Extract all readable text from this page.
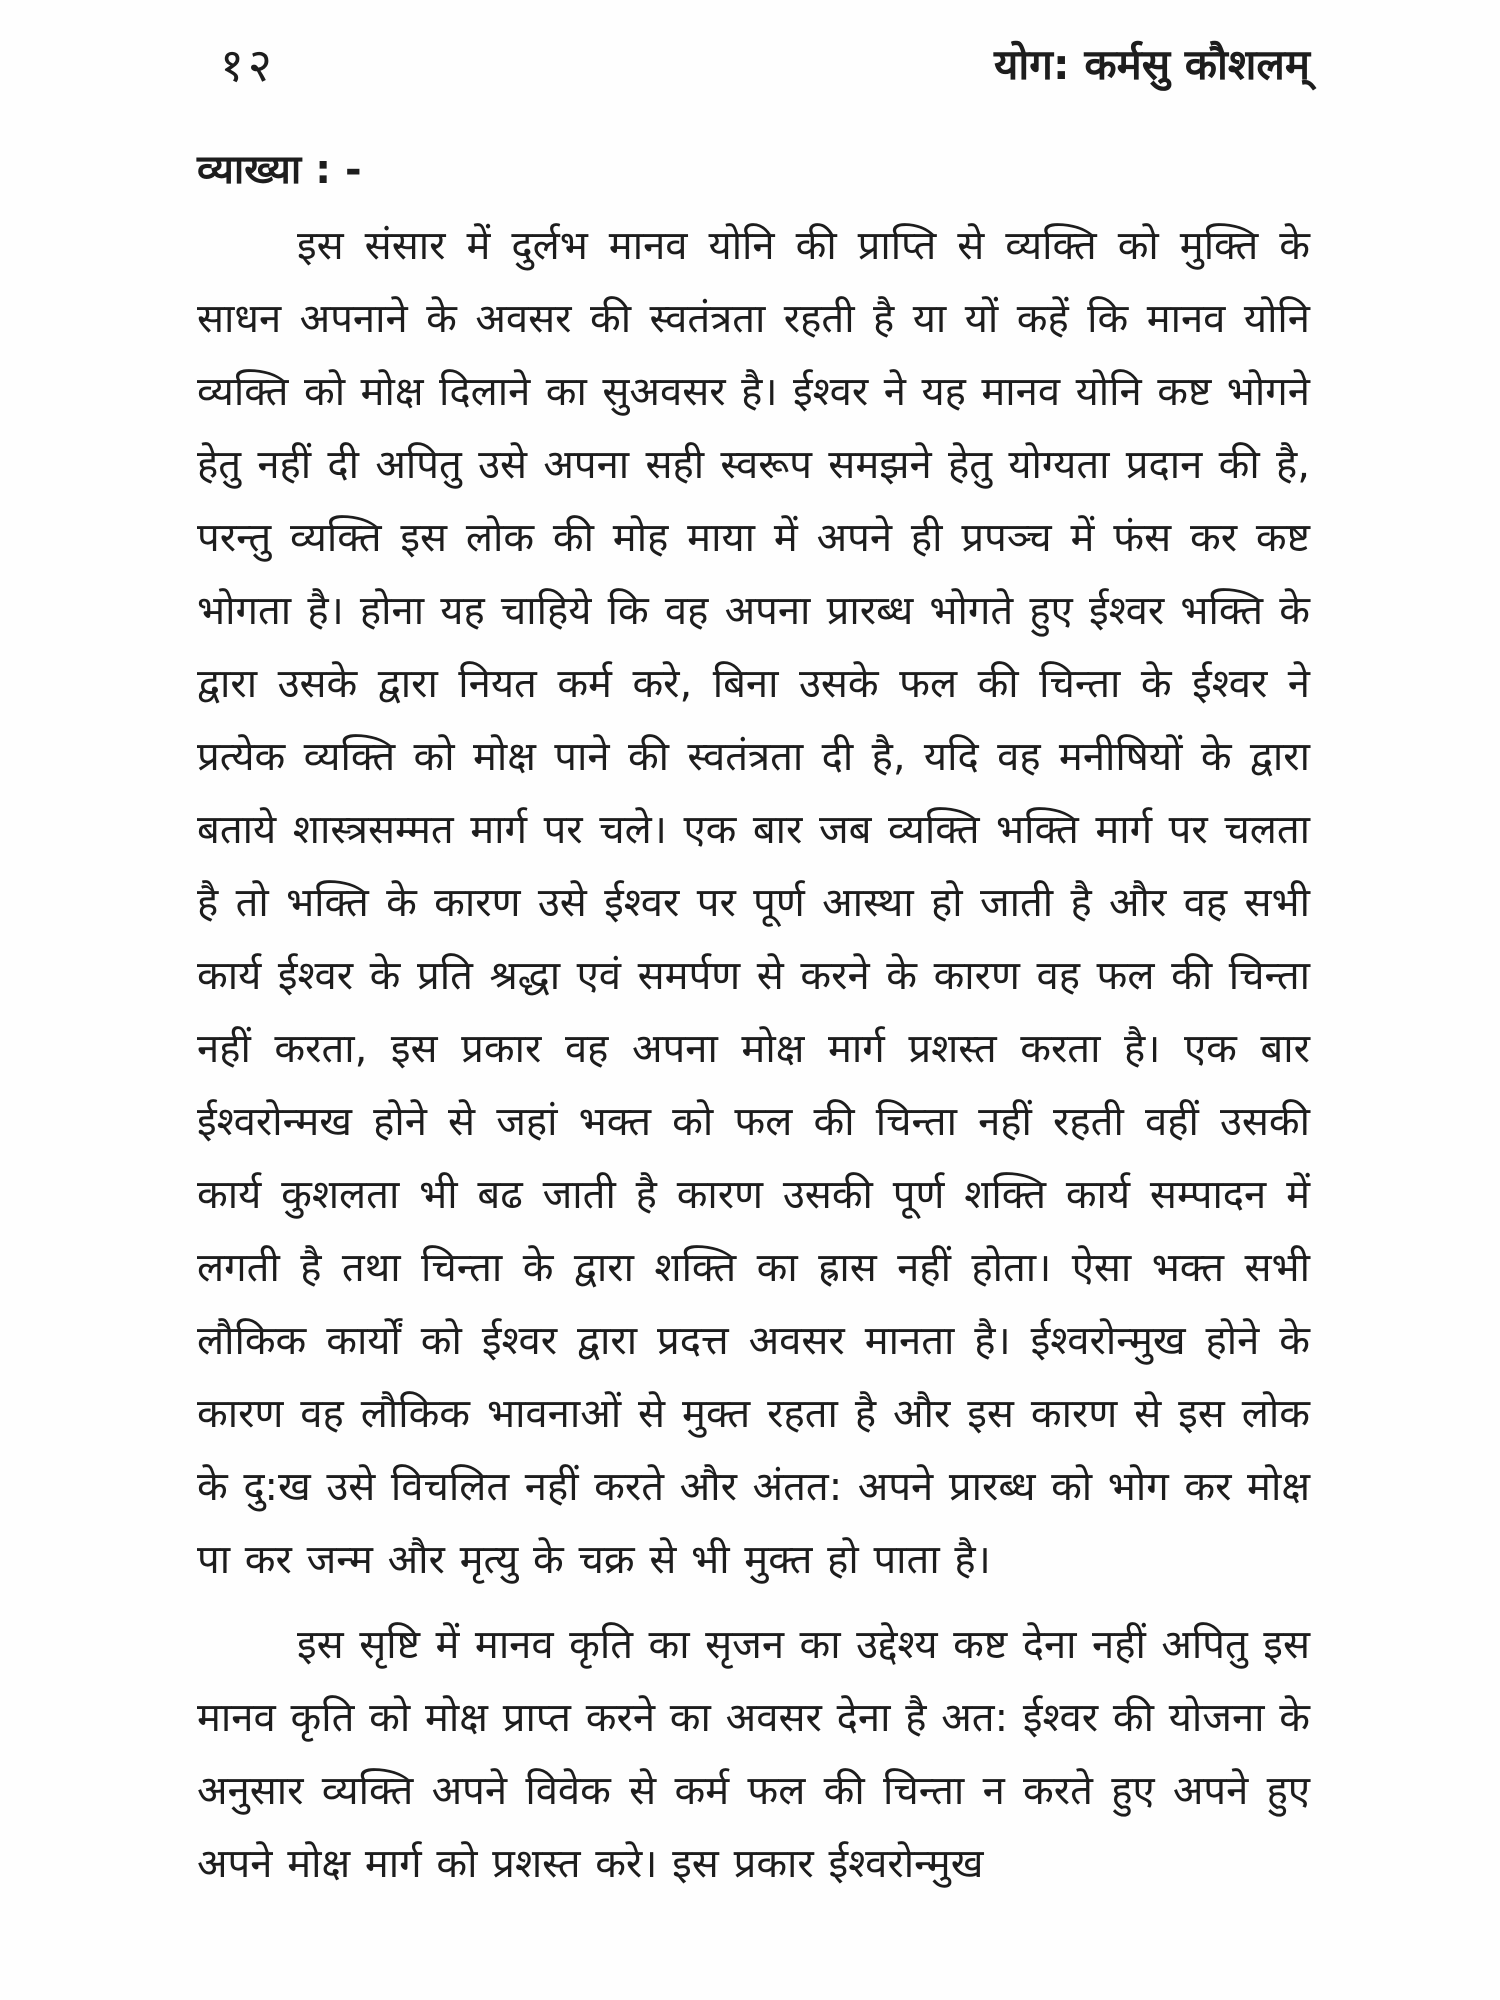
१२	योग: कर्मसु कौशलम्
व्याख्या : -

इस संसार में दुर्लभ मानव योनि की प्राप्ति से व्यक्ति को मुक्ति के साधन अपनाने के अवसर की स्वतंत्रता रहती है या यों कहें कि मानव योनि व्यक्ति को मोक्ष दिलाने का सुअवसर है। ईश्वर ने यह मानव योनि कष्ट भोगने हेतु नहीं दी अपितु उसे अपना सही स्वरूप समझने हेतु योग्यता प्रदान की है, परन्तु व्यक्ति इस लोक की मोह माया में अपने ही प्रपञ्च में फंस कर कष्ट भोगता है। होना यह चाहिये कि वह अपना प्रारब्ध भोगते हुए ईश्वर भक्ति के द्वारा उसके द्वारा नियत कर्म करे, बिना उसके फल की चिन्ता के ईश्वर ने प्रत्येक व्यक्ति को मोक्ष पाने की स्वतंत्रता दी है, यदि वह मनीषियों के द्वारा बताये शास्त्रसम्मत मार्ग पर चले। एक बार जब व्यक्ति भक्ति मार्ग पर चलता है तो भक्ति के कारण उसे ईश्वर पर पूर्ण आस्था हो जाती है और वह सभी कार्य ईश्वर के प्रति श्रद्धा एवं समर्पण से करने के कारण वह फल की चिन्ता नहीं करता, इस प्रकार वह अपना मोक्ष मार्ग प्रशस्त करता है। एक बार ईश्वरोन्मख होने से जहां भक्त को फल की चिन्ता नहीं रहती वहीं उसकी कार्य कुशलता भी बढ जाती है कारण उसकी पूर्ण शक्ति कार्य सम्पादन में लगती है तथा चिन्ता के द्वारा शक्ति का ह्रास नहीं होता। ऐसा भक्त सभी लौकिक कार्यों को ईश्वर द्वारा प्रदत्त अवसर मानता है। ईश्वरोन्मुख होने के कारण वह लौकिक भावनाओं से मुक्त रहता है और इस कारण से इस लोक के दु:ख उसे विचलित नहीं करते और अंतत: अपने प्रारब्ध को भोग कर मोक्ष पा कर जन्म और मृत्यु के चक्र से भी मुक्त हो पाता है।

इस सृष्टि में मानव कृति का सृजन का उद्देश्य कष्ट देना नहीं अपितु इस मानव कृति को मोक्ष प्राप्त करने का अवसर देना है अत: ईश्वर की योजना के अनुसार व्यक्ति अपने विवेक से कर्म फल की चिन्ता न करते हुए अपने हुए अपने मोक्ष मार्ग को प्रशस्त करे। इस प्रकार ईश्वरोन्मुख
